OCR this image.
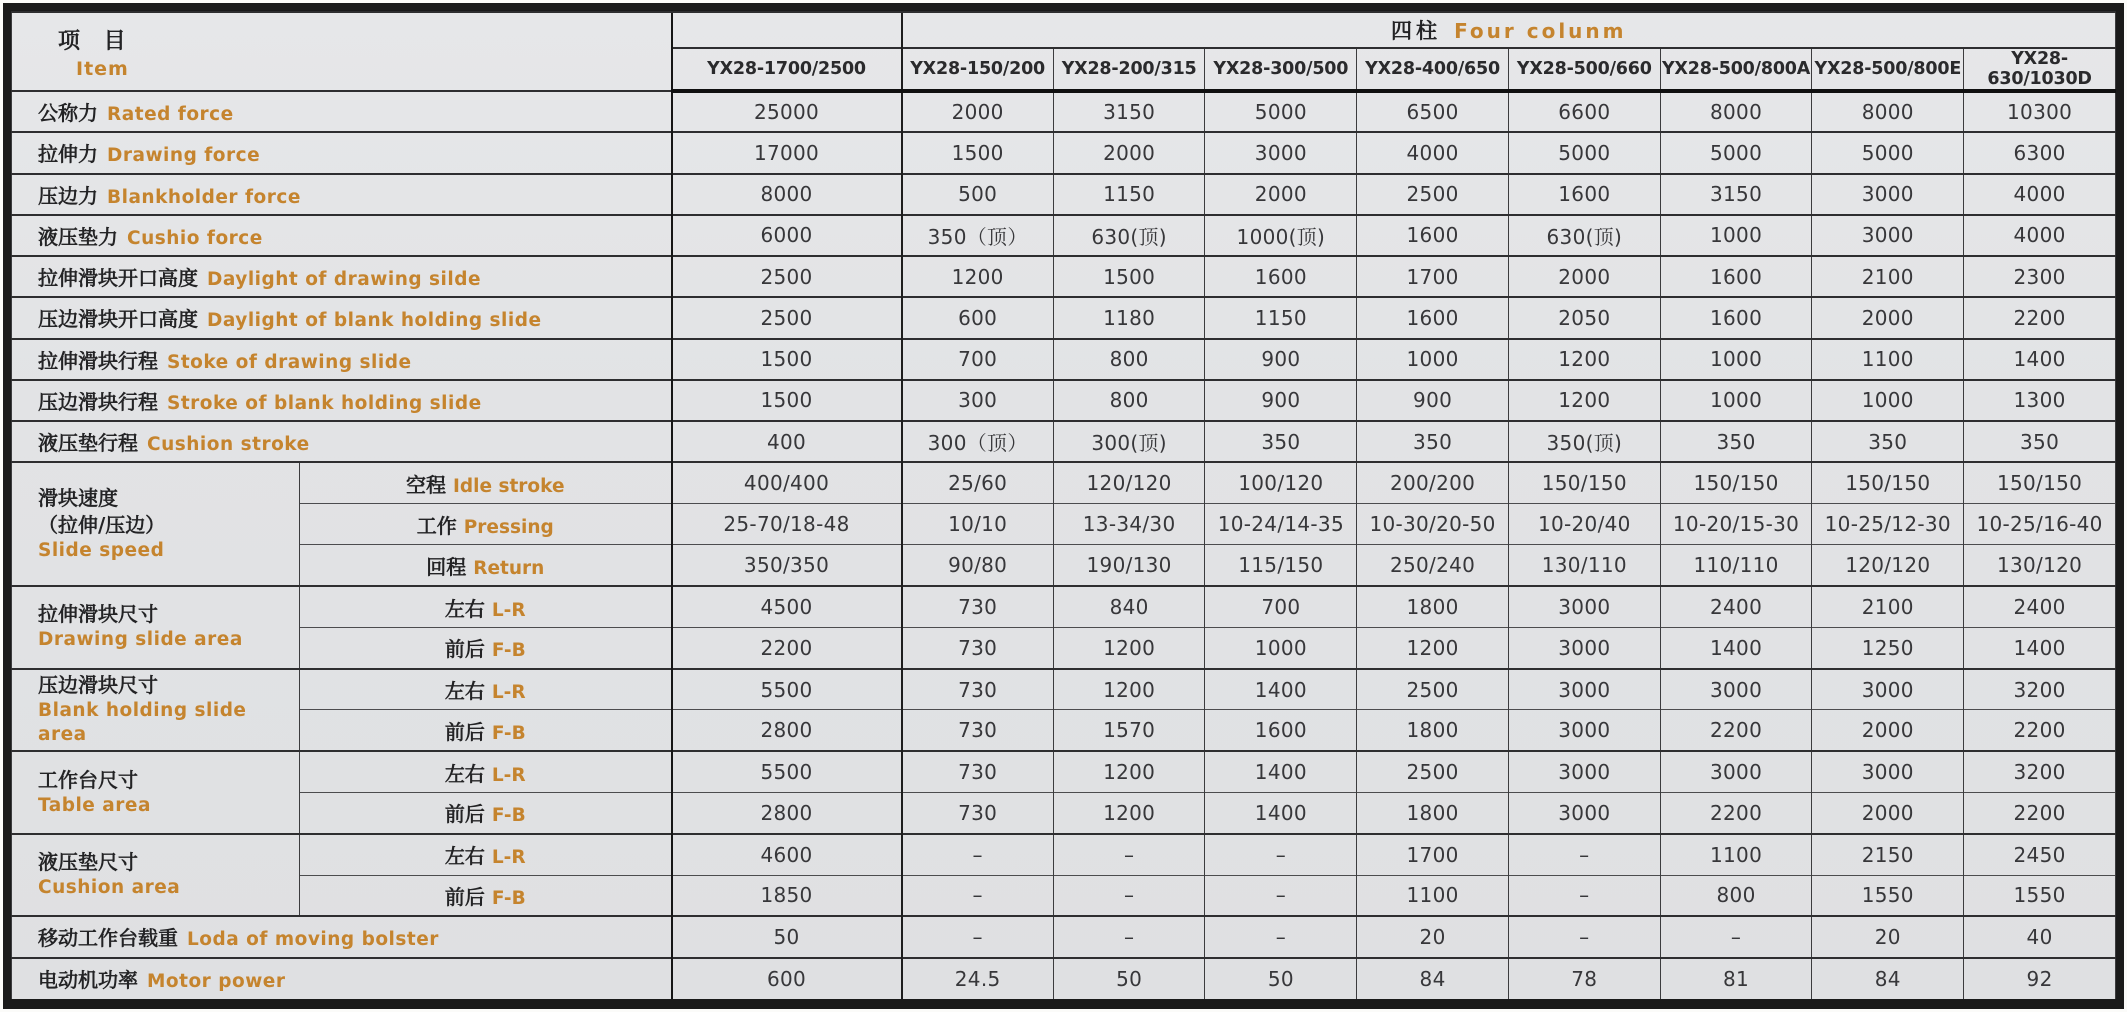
项 目
Item			四柱 Four colunm							
		YX28-1700/2500	YX28-150/200	YX28-200/315	YX28-300/500	YX28-400/650	YX28-500/660	YX28-500/800A	YX28-500/800E	YX28-630/1030D
公称力 Rated force		25000	2000	3150	5000	6500	6600	8000	8000	10300
拉伸力 Drawing force		17000	1500	2000	3000	4000	5000	5000	5000	6300
压边力 Blankholder force		8000	500	1150	2000	2500	1600	3150	3000	4000
液压垫力 Cushio force		6000	350（顶）	630(顶)	1000(顶)	1600	630(顶)	1000	3000	4000
拉伸滑块开口高度 Daylight of drawing silde		2500	1200	1500	1600	1700	2000	1600	2100	2300
压边滑块开口高度 Daylight of blank holding slide		2500	600	1180	1150	1600	2050	1600	2000	2200
拉伸滑块行程 Stoke of drawing slide		1500	700	800	900	1000	1200	1000	1100	1400
压边滑块行程 Stroke of blank holding slide		1500	300	800	900	900	1200	1000	1000	1300
液压垫行程 Cushion stroke		400	300（顶）	300(顶)	350	350	350(顶)	350	350	350

滑块速度
（拉伸/压边）
Slide speed	空程 Idle stroke	400/400	25/60	120/120	100/120	200/200	150/150	150/150	150/150	150/150
	工作 Pressing	25-70/18-48	10/10	13-34/30	10-24/14-35	10-30/20-50	10-20/40	10-20/15-30	10-25/12-30	10-25/16-40
	回程 Return	350/350	90/80	190/130	115/150	250/240	130/110	110/110	120/120	130/120

拉伸滑块尺寸
Drawing slide area	左右 L-R	4500	730	840	700	1800	3000	2400	2100	2400
	前后 F-B	2200	730	1200	1000	1200	3000	1400	1250	1400

压边滑块尺寸
Blank holding slide area	左右 L-R	5500	730	1200	1400	2500	3000	3000	3000	3200
	前后 F-B	2800	730	1570	1600	1800	3000	2200	2000	2200

工作台尺寸
Table area	左右 L-R	5500	730	1200	1400	2500	3000	3000	3000	3200
	前后 F-B	2800	730	1200	1400	1800	3000	2200	2000	2200

液压垫尺寸
Cushion area	左右 L-R	4600	–	–	–	1700	–	1100	2150	2450
	前后 F-B	1850	–	–	–	1100	–	800	1550	1550
移动工作台载重 Loda of moving bolster		50	–	–	–	20	–	–	20	40
电动机功率 Motor power		600	24.5	50	50	84	78	81	84	92
